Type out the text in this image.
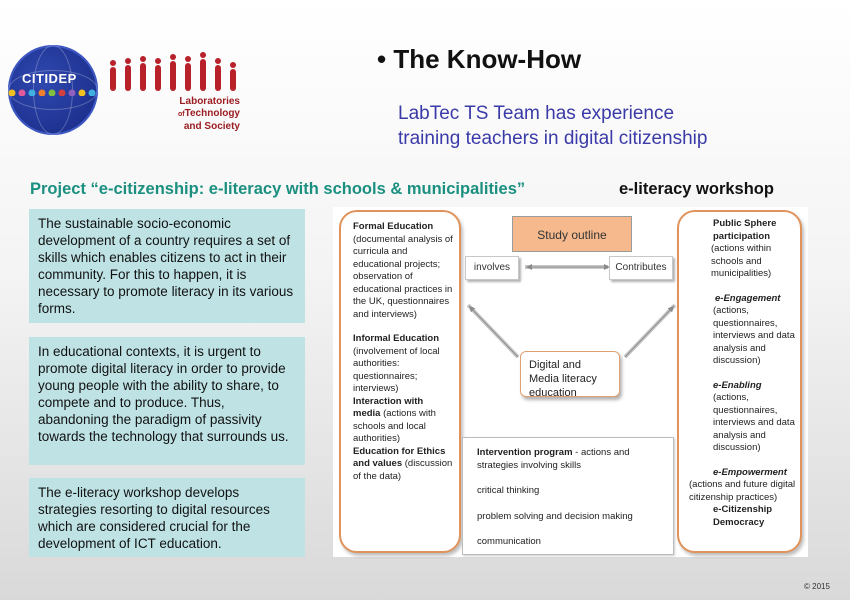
CITIDEP
Laboratories
ofTechnology
and Society
• The Know-How
LabTec TS Team has experience
training teachers in digital citizenship
Project “e-citizenship: e-literacy with schools & municipalities”	e-literacy workshop
The sustainable socio-economic development of a country requires a set of skills which enables citizens to act in their community. For this to happen, it is necessary to promote literacy in its various forms.
In educational contexts, it is urgent to promote digital literacy in order to provide young people with the ability to share, to compete and to produce. Thus, abandoning the paradigm of passivity towards the technology that surrounds us.
The e-literacy workshop develops strategies resorting to digital resources which are considered crucial for the development of ICT education.
Formal Education
(documental analysis of curricula and educational projects; observation of educational practices in the UK, questionnaires and interviews)
Informal Education
(involvement of local authorities: questionnaires; interviews)
Interaction with media (actions with schools and local authorities)
Education for Ethics and values (discussion of the data)
Study outline
involves	Contributes
Digital and Media literacy education

Intervention program - actions and strategies involving skills

critical thinking

problem solving and decision making

communication

Public Sphere participation
(actions within schools and municipalities)
e-Engagement
(actions, questionnaires, interviews and data analysis and discussion)
e-Enabling
(actions, questionnaires, interviews and data analysis and discussion)
e-Empowerment
(actions and future digital citizenship practices)
e-Citizenship Democracy
© 2015
